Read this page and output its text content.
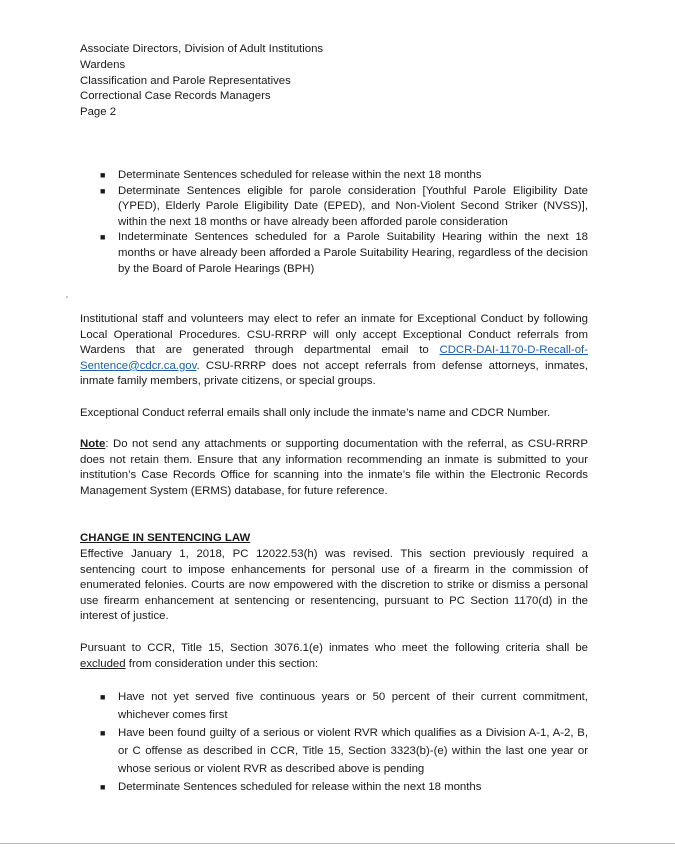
Associate Directors, Division of Adult Institutions
Wardens
Classification and Parole Representatives
Correctional Case Records Managers
Page 2
■ Determinate Sentences scheduled for release within the next 18 months
■ Determinate Sentences eligible for parole consideration [Youthful Parole Eligibility Date (YPED), Elderly Parole Eligibility Date (EPED), and Non-Violent Second Striker (NVSS)], within the next 18 months or have already been afforded parole consideration
■ Indeterminate Sentences scheduled for a Parole Suitability Hearing within the next 18 months or have already been afforded a Parole Suitability Hearing, regardless of the decision by the Board of Parole Hearings (BPH)

Institutional staff and volunteers may elect to refer an inmate for Exceptional Conduct by following Local Operational Procedures. CSU-RRRP will only accept Exceptional Conduct referrals from Wardens that are generated through departmental email to CDCR-DAI-1170-D-Recall-of-Sentence@cdcr.ca.gov. CSU-RRRP does not accept referrals from defense attorneys, inmates, inmate family members, private citizens, or special groups.

Exceptional Conduct referral emails shall only include the inmate’s name and CDCR Number.

Note: Do not send any attachments or supporting documentation with the referral, as CSU-RRRP does not retain them. Ensure that any information recommending an inmate is submitted to your institution’s Case Records Office for scanning into the inmate’s file within the Electronic Records Management System (ERMS) database, for future reference.

CHANGE IN SENTENCING LAW

Effective January 1, 2018, PC 12022.53(h) was revised. This section previously required a sentencing court to impose enhancements for personal use of a firearm in the commission of enumerated felonies. Courts are now empowered with the discretion to strike or dismiss a personal use firearm enhancement at sentencing or resentencing, pursuant to PC Section 1170(d) in the interest of justice.

Pursuant to CCR, Title 15, Section 3076.1(e) inmates who meet the following criteria shall be excluded from consideration under this section:

■ Have not yet served five continuous years or 50 percent of their current commitment, whichever comes first
■ Have been found guilty of a serious or violent RVR which qualifies as a Division A-1, A-2, B, or C offense as described in CCR, Title 15, Section 3323(b)-(e) within the last one year or whose serious or violent RVR as described above is pending
■ Determinate Sentences scheduled for release within the next 18 months
